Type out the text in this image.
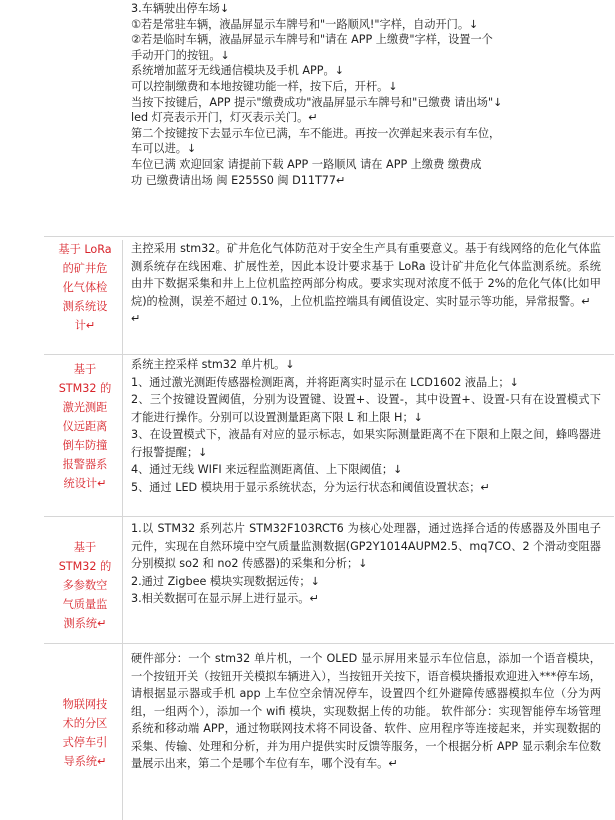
3.车辆驶出停车场↓
①若是常驻车辆，液晶屏显示车牌号和"一路顺风!"字样，自动开门。↓
②若是临时车辆，液晶屏显示车牌号和"请在 APP 上缴费"字样，设置一个
手动开门的按钮。↓
系统增加蓝牙无线通信模块及手机 APP。↓
可以控制缴费和本地按键功能一样，按下后，开杆。↓
当按下按键后，APP 提示"缴费成功"液晶屏显示车牌号和"已缴费 请出场"↓
led 灯亮表示开门，灯灭表示关门。↵
第二个按键按下去显示车位已满，车不能进。再按一次弹起来表示有车位，
车可以进。↓
车位已满 欢迎回家 请提前下载 APP 一路顺风 请在 APP 上缴费 缴费成
功 已缴费请出场 闽 E255S0 闽 D11T77↵
基于 LoRa
的矿井危
化气体检
测系统设
计↵

主控采用 stm32。矿井危化气体防范对于安全生产具有重要意义。基于有线网络的危化气体监测系统存在线困难、扩展性差，因此本设计要求基于 LoRa 设计矿井危化气体监测系统。系统由井下数据采集和井上上位机监控两部分构成。要求实现对浓度不低于 2%的危化气体(比如甲烷)的检测，误差不超过 0.1%，上位机监控端具有阈值设定、实时显示等功能，异常报警。↵

↵

基于
STM32 的
激光测距
仪远距离
倒车防撞
报警器系
统设计↵

系统主控采样 stm32 单片机。↓

1、通过激光测距传感器检测距离，并将距离实时显示在 LCD1602 液晶上；↓

2、三个按键设置阈值，分别为设置键、设置+、设置-，其中设置+、设置-只有在设置模式下才能进行操作。分别可以设置测量距离下限 L 和上限 H；↓

3、在设置模式下，液晶有对应的显示标志，如果实际测量距离不在下限和上限之间，蜂鸣器进行报警提醒；↓

4、通过无线 WIFI 来远程监测距离值、上下限阈值；↓

5、通过 LED 模块用于显示系统状态，分为运行状态和阈值设置状态；↵

基于
STM32 的
多参数空
气质量监
测系统↵

1.以 STM32 系列芯片 STM32F103RCT6 为核心处理器，通过选择合适的传感器及外围电子元件，实现在自然环境中空气质量监测数据(GP2Y1014AUPM2.5、mq7CO、2 个滑动变阻器分别模拟 so2 和 no2 传感器)的采集和分析；↓

2.通过 Zigbee 模块实现数据远传；↓

3.相关数据可在显示屏上进行显示。↵

物联网技
术的分区
式停车引
导系统↵

硬件部分：一个 stm32 单片机，一个 OLED 显示屏用来显示车位信息，添加一个语音模块，一个按钮开关（按钮开关模拟车辆进入），当按钮开关按下，语音模块播报欢迎进入***停车场，请根据显示器或手机 app 上车位空余情况停车，设置四个红外避障传感器模拟车位（分为两组，一组两个），添加一个 wifi 模块，实现数据上传的功能。 软件部分：实现智能停车场管理系统和移动端 APP，通过物联网技术将不同设备、软件、应用程序等连接起来，并实现数据的采集、传输、处理和分析，并为用户提供实时反馈等服务，一个根据分析 APP 显示剩余车位数量展示出来，第二个是哪个车位有车，哪个没有车。↵
